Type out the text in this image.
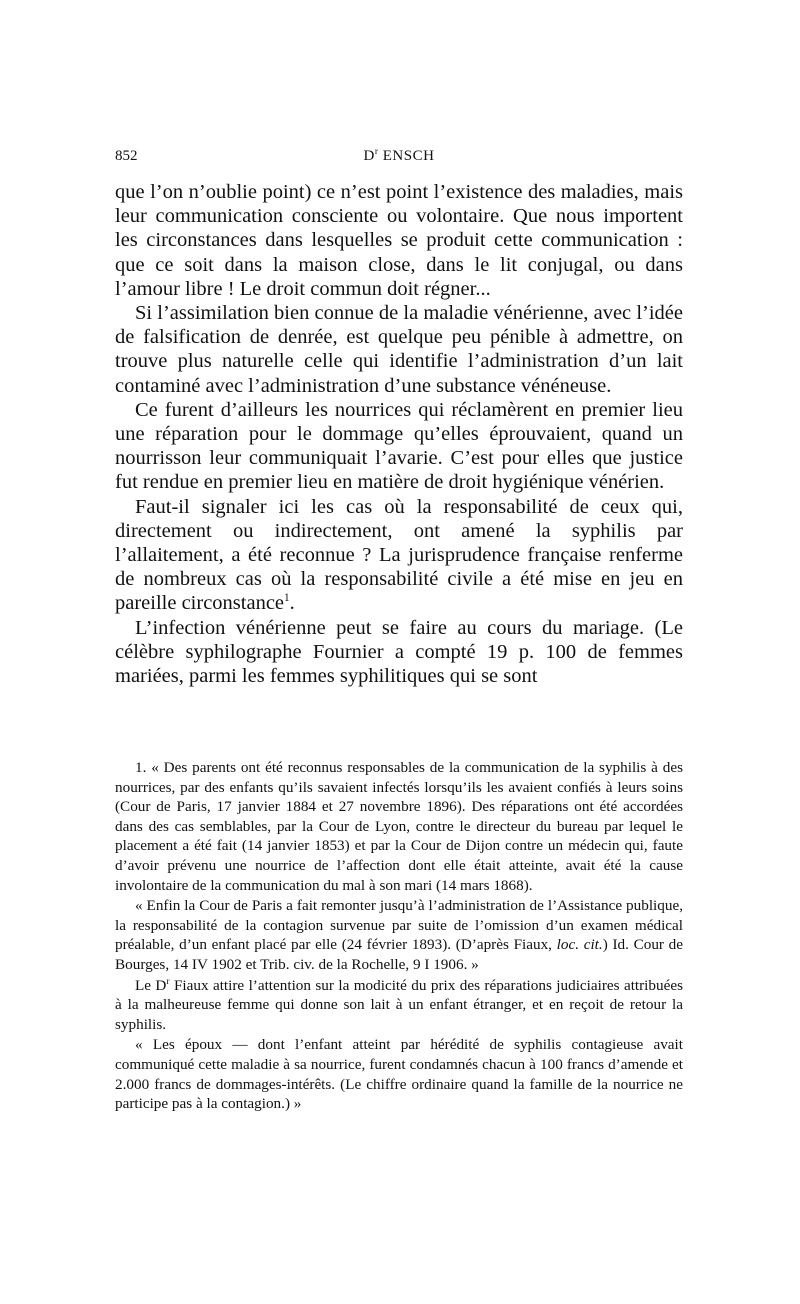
852	$D^r$ ENSCH

que l’on n’oublie point) ce n’est point l’existence des maladies, mais leur communication consciente ou volontaire. Que nous importent les circonstances dans lesquelles se produit cette communication : que ce soit dans la maison close, dans le lit conjugal, ou dans l’amour libre ! Le droit commun doit régner...

Si l’assimilation bien connue de la maladie vénérienne, avec l’idée de falsification de denrée, est quelque peu pénible à admettre, on trouve plus naturelle celle qui identifie l’administration d’un lait contaminé avec l’administration d’une substance vénéneuse.

Ce furent d’ailleurs les nourrices qui réclamèrent en premier lieu une réparation pour le dommage qu’elles éprouvaient, quand un nourrisson leur communiquait l’avarie. C’est pour elles que justice fut rendue en premier lieu en matière de droit hygiénique vénérien.

Faut-il signaler ici les cas où la responsabilité de ceux qui, directement ou indirectement, ont amené la syphilis par l’allaitement, a été reconnue ? La jurisprudence française renferme de nombreux cas où la responsabilité civile a été mise en jeu en pareille circonstance$^1$.

L’infection vénérienne peut se faire au cours du mariage. (Le célèbre syphilographe Fournier a compté 19 p. 100 de femmes mariées, parmi les femmes syphilitiques qui se sont

1. « Des parents ont été reconnus responsables de la communication de la syphilis à des nourrices, par des enfants qu’ils savaient infectés lorsqu’ils les avaient confiés à leurs soins (Cour de Paris, 17 janvier 1884 et 27 novembre 1896). Des réparations ont été accordées dans des cas semblables, par la Cour de Lyon, contre le directeur du bureau par lequel le placement a été fait (14 janvier 1853) et par la Cour de Dijon contre un médecin qui, faute d’avoir prévenu une nourrice de l’affection dont elle était atteinte, avait été la cause involontaire de la communication du mal à son mari (14 mars 1868).

« Enfin la Cour de Paris a fait remonter jusqu’à l’administration de l’Assistance publique, la responsabilité de la contagion survenue par suite de l’omission d’un examen médical préalable, d’un enfant placé par elle (24 février 1893). (D’après Fiaux, loc. cit.) Id. Cour de Bourges, 14 IV 1902 et Trib. civ. de la Rochelle, 9 I 1906. »

Le $D^r$ Fiaux attire l’attention sur la modicité du prix des réparations judiciaires attribuées à la malheureuse femme qui donne son lait à un enfant étranger, et en reçoit de retour la syphilis.

« Les époux — dont l’enfant atteint par hérédité de syphilis contagieuse avait communiqué cette maladie à sa nourrice, furent condamnés chacun à 100 francs d’amende et 2.000 francs de dommages-intérêts. (Le chiffre ordinaire quand la famille de la nourrice ne participe pas à la contagion.) »
